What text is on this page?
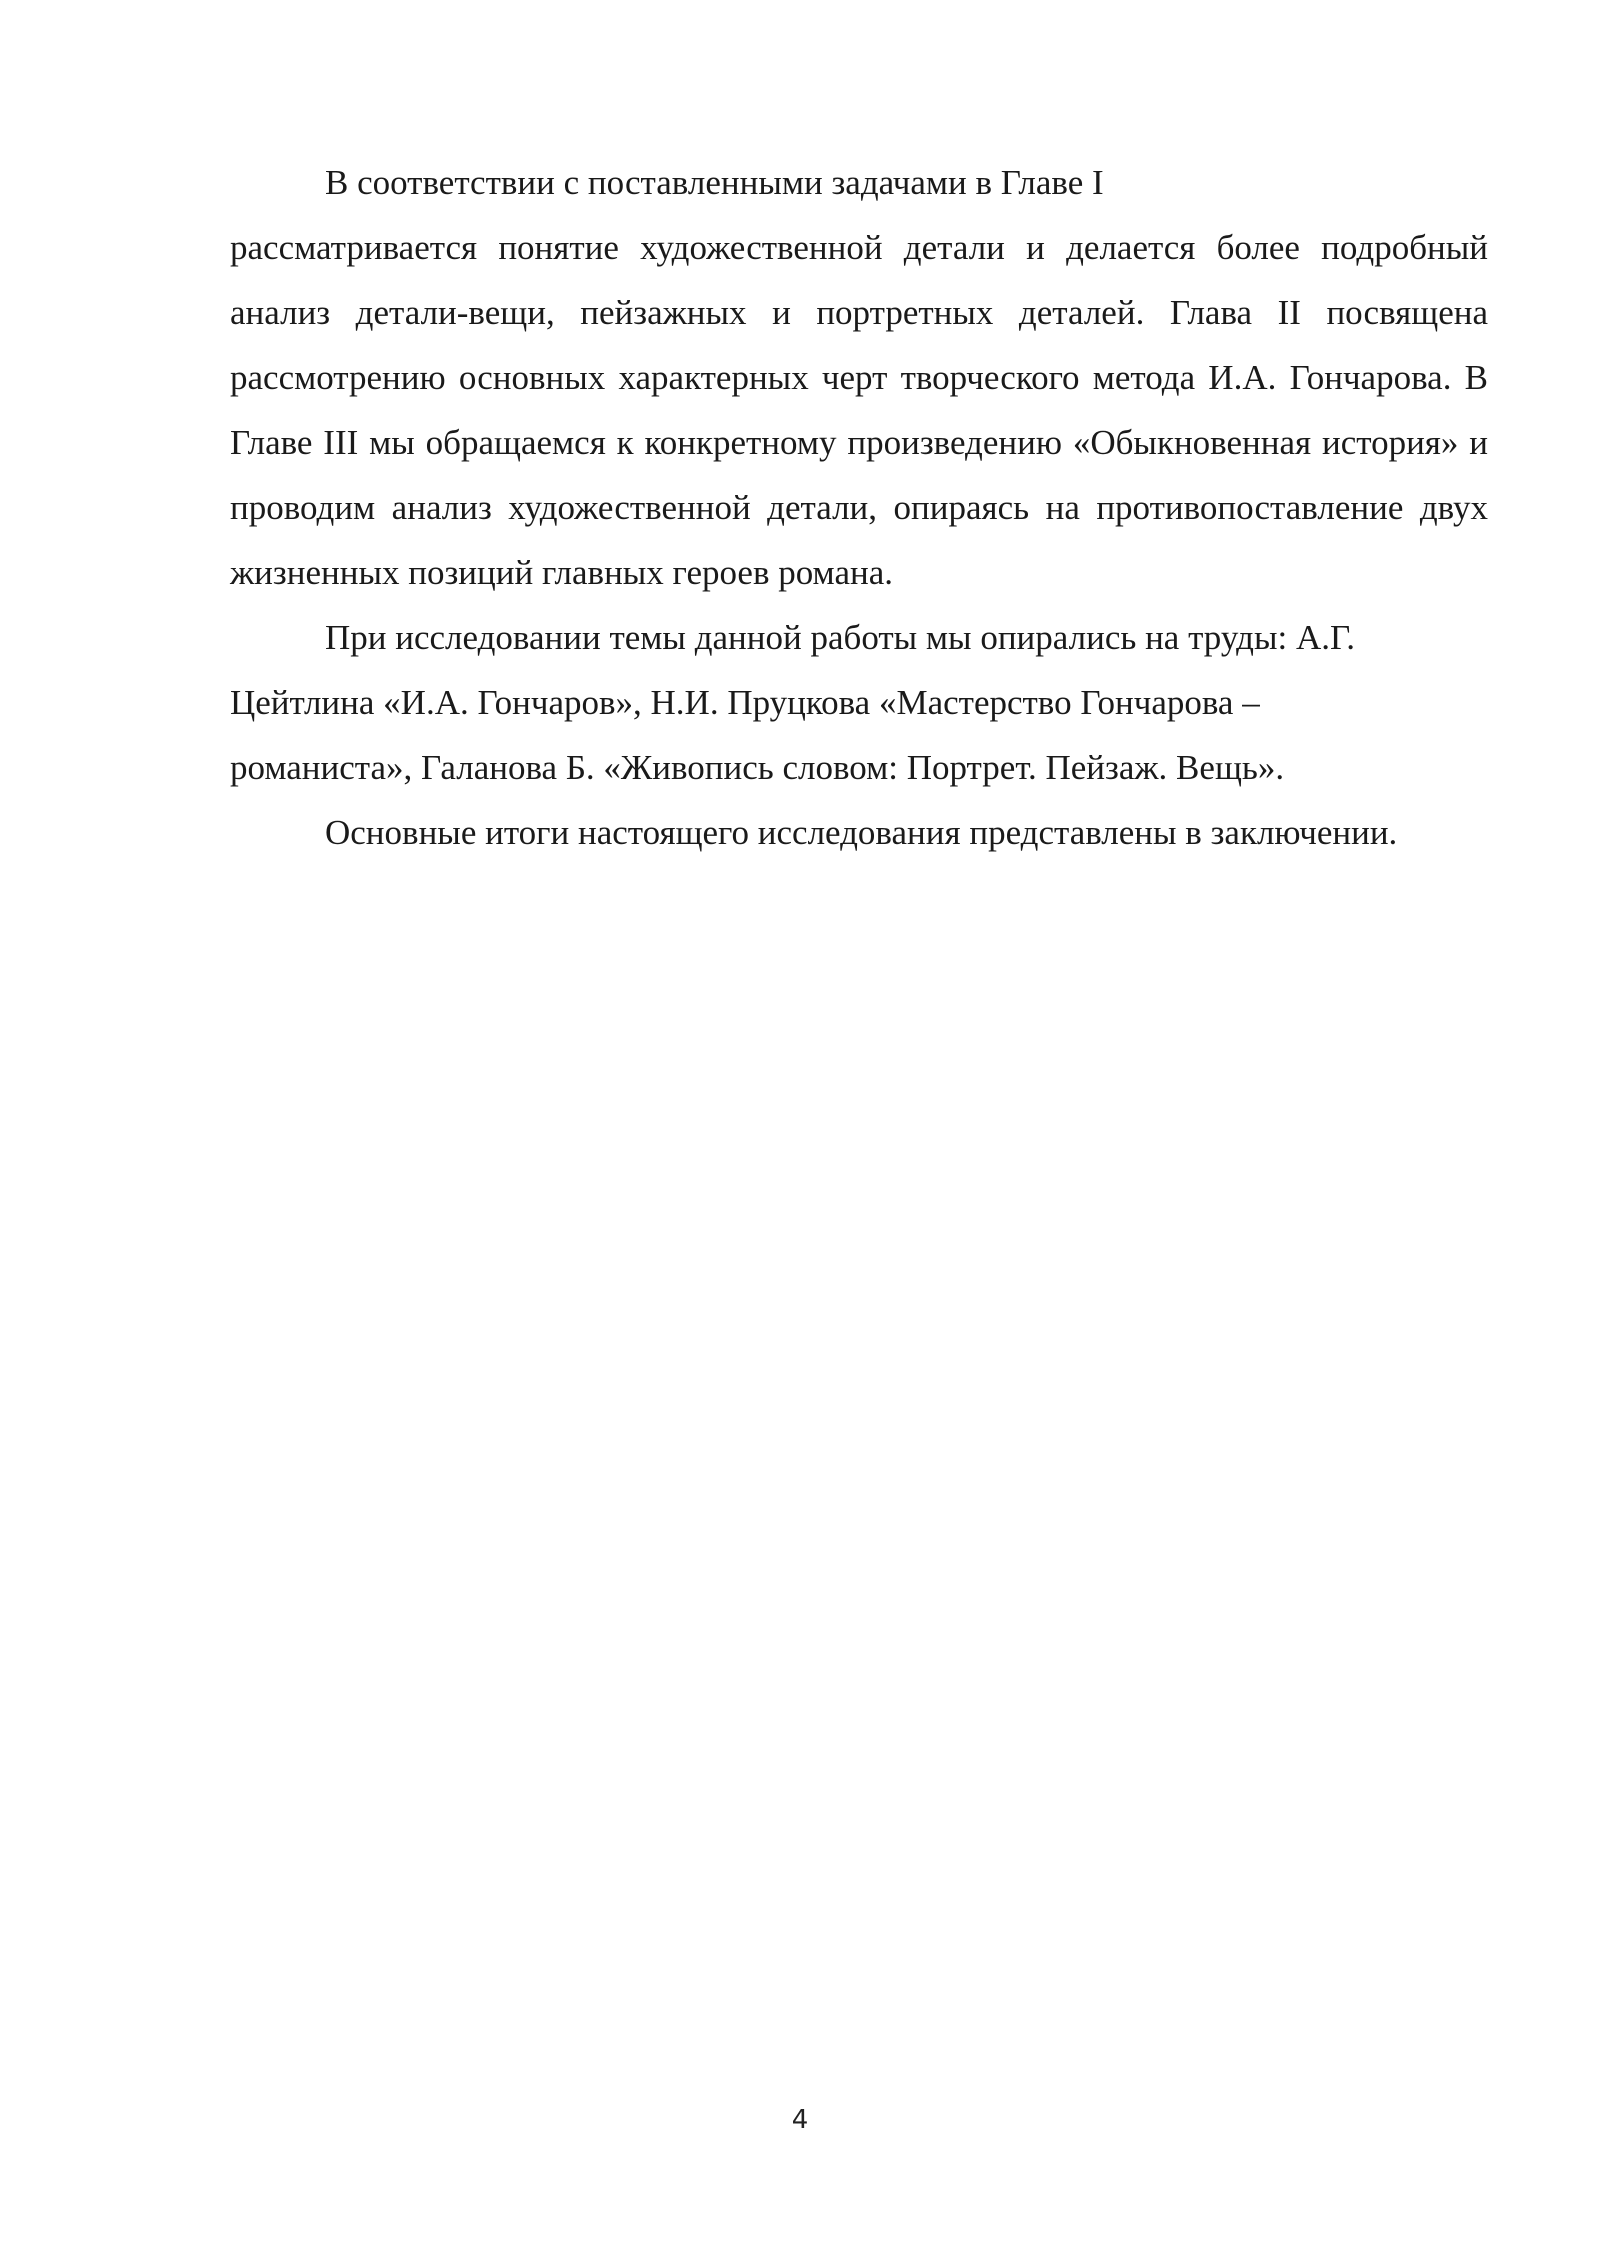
В соответствии с поставленными задачами в Главе I
рассматривается понятие художественной детали и делается более подробный анализ детали-вещи, пейзажных и портретных деталей. Глава II посвящена рассмотрению основных характерных черт творческого метода И.А. Гончарова. В Главе III мы обращаемся к конкретному произведению «Обыкновенная история» и проводим анализ художественной детали, опираясь на противопоставление двух жизненных позиций главных героев романа.

При исследовании темы данной работы мы опирались на труды: А.Г.

Цейтлина «И.А. Гончаров», Н.И. Пруцкова «Мастерство Гончарова –
романиста», Галанова Б. «Живопись словом: Портрет. Пейзаж. Вещь».

Основные итоги настоящего исследования представлены в заключении.

4
